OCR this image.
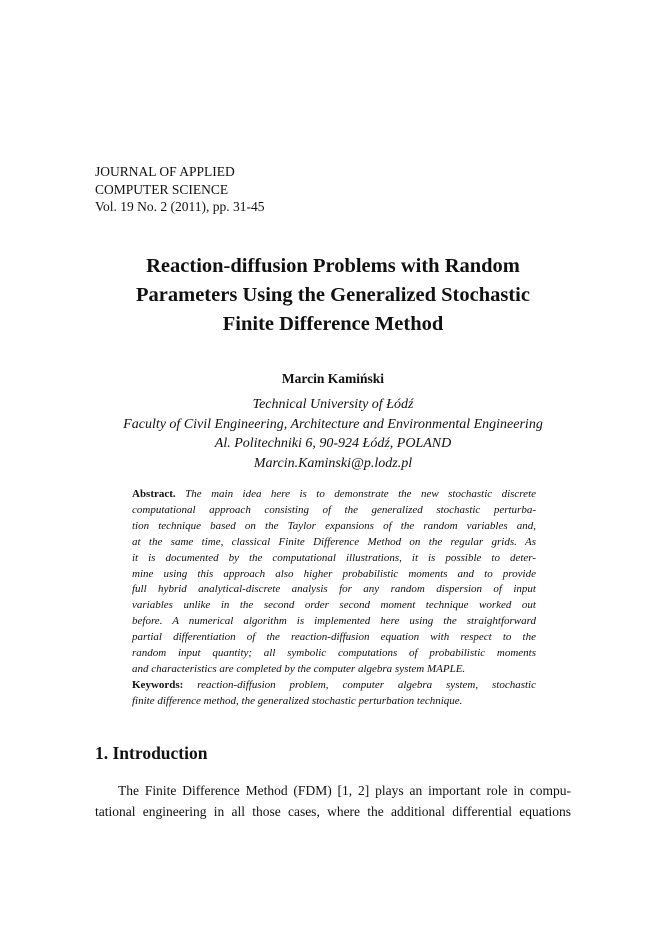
JOURNAL OF APPLIED
COMPUTER SCIENCE
Vol. 19 No. 2 (2011), pp. 31-45
Reaction-diffusion Problems with Random
Parameters Using the Generalized Stochastic
Finite Difference Method
Marcin Kamiński
Technical University of Łódź
Faculty of Civil Engineering, Architecture and Environmental Engineering
Al. Politechniki 6, 90-924 Łódź, POLAND
Marcin.Kaminski@p.lodz.pl
Abstract. The main idea here is to demonstrate the new stochastic discrete
computational approach consisting of the generalized stochastic perturba-
tion technique based on the Taylor expansions of the random variables and,
at the same time, classical Finite Difference Method on the regular grids. As
it is documented by the computational illustrations, it is possible to deter-
mine using this approach also higher probabilistic moments and to provide
full hybrid analytical-discrete analysis for any random dispersion of input
variables unlike in the second order second moment technique worked out
before. A numerical algorithm is implemented here using the straightforward
partial differentiation of the reaction-diffusion equation with respect to the
random input quantity; all symbolic computations of probabilistic moments
and characteristics are completed by the computer algebra system MAPLE.
Keywords: reaction-diffusion problem, computer algebra system, stochastic
finite difference method, the generalized stochastic perturbation technique.
1. Introduction
The Finite Difference Method (FDM) [1, 2] plays an important role in compu-
tational engineering in all those cases, where the additional differential equations
